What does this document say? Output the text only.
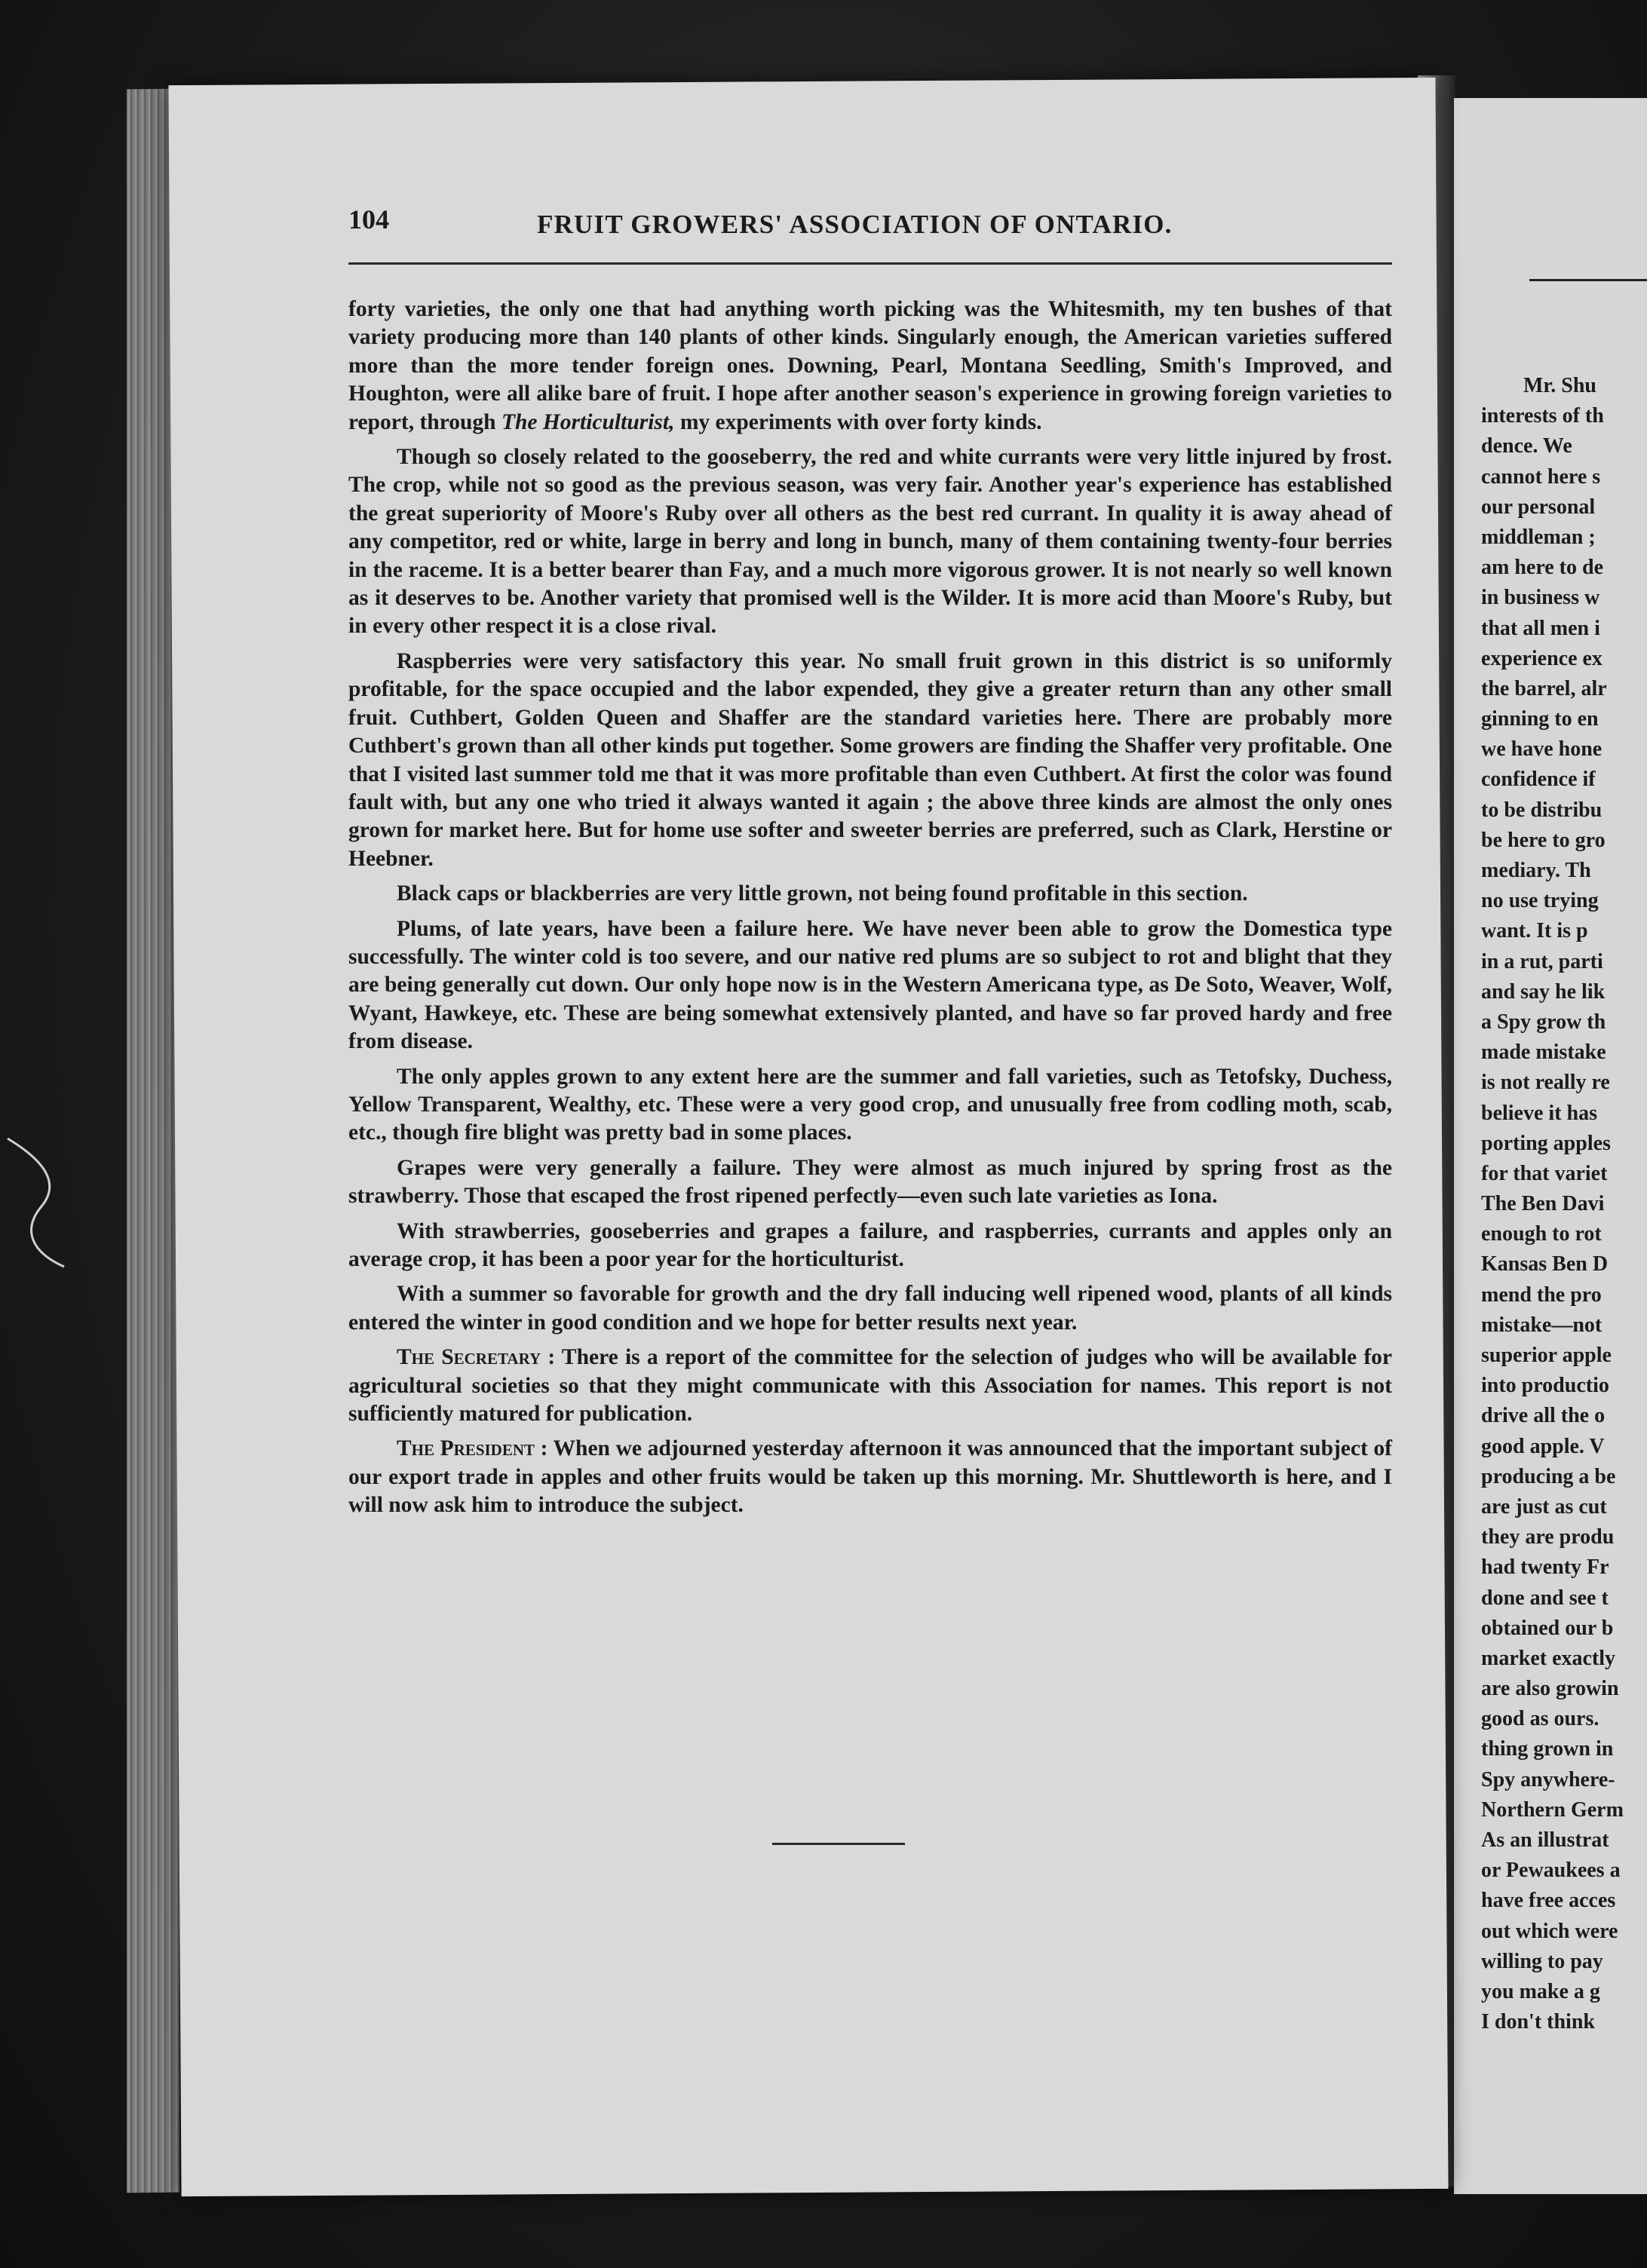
Mr. Shu
interests of th
dence. We
cannot here s
our personal
middleman ;
am here to de
in business w
that all men i
experience ex
the barrel, alr
ginning to en
we have hone
confidence if
to be distribu
be here to gro
mediary. Th
no use trying
want. It is p
in a rut, parti
and say he lik
a Spy grow th
made mistake
is not really re
believe it has
porting apples
for that variet
The Ben Davi
enough to rot
Kansas Ben D
mend the pro
mistake—not
superior apple
into productio
drive all the o
good apple. V
producing a be
are just as cut
they are produ
had twenty Fr
done and see t
obtained our b
market exactly
are also growin
good as ours.
thing grown in
Spy anywhere-
Northern Germ
As an illustrat
or Pewaukees a
have free acces
out which were
willing to pay
you make a g
I don't think
104	FRUIT GROWERS' ASSOCIATION OF ONTARIO.

forty varieties, the only one that had anything worth picking was the Whitesmith, my ten bushes of that variety producing more than 140 plants of other kinds. Singularly enough, the American varieties suffered more than the more tender foreign ones. Downing, Pearl, Montana Seedling, Smith's Improved, and Houghton, were all alike bare of fruit. I hope after another season's experience in growing foreign varieties to report, through The Horticulturist, my experiments with over forty kinds.

Though so closely related to the gooseberry, the red and white currants were very little injured by frost. The crop, while not so good as the previous season, was very fair. Another year's experience has established the great superiority of Moore's Ruby over all others as the best red currant. In quality it is away ahead of any competitor, red or white, large in berry and long in bunch, many of them containing twenty-four berries in the raceme. It is a better bearer than Fay, and a much more vigorous grower. It is not nearly so well known as it deserves to be. Another variety that promised well is the Wilder. It is more acid than Moore's Ruby, but in every other respect it is a close rival.

Raspberries were very satisfactory this year. No small fruit grown in this district is so uniformly profitable, for the space occupied and the labor expended, they give a greater return than any other small fruit. Cuthbert, Golden Queen and Shaffer are the standard varieties here. There are probably more Cuthbert's grown than all other kinds put together. Some growers are finding the Shaffer very profitable. One that I visited last summer told me that it was more profitable than even Cuthbert. At first the color was found fault with, but any one who tried it always wanted it again ; the above three kinds are almost the only ones grown for market here. But for home use softer and sweeter berries are preferred, such as Clark, Herstine or Heebner.

Black caps or blackberries are very little grown, not being found profitable in this section.

Plums, of late years, have been a failure here. We have never been able to grow the Domestica type successfully. The winter cold is too severe, and our native red plums are so subject to rot and blight that they are being generally cut down. Our only hope now is in the Western Americana type, as De Soto, Weaver, Wolf, Wyant, Hawkeye, etc. These are being somewhat extensively planted, and have so far proved hardy and free from disease.

The only apples grown to any extent here are the summer and fall varieties, such as Tetofsky, Duchess, Yellow Transparent, Wealthy, etc. These were a very good crop, and unusually free from codling moth, scab, etc., though fire blight was pretty bad in some places.

Grapes were very generally a failure. They were almost as much injured by spring frost as the strawberry. Those that escaped the frost ripened perfectly—even such late varieties as Iona.

With strawberries, gooseberries and grapes a failure, and raspberries, currants and apples only an average crop, it has been a poor year for the horticulturist.

With a summer so favorable for growth and the dry fall inducing well ripened wood, plants of all kinds entered the winter in good condition and we hope for better results next year.

The Secretary : There is a report of the committee for the selection of judges who will be available for agricultural societies so that they might communicate with this Association for names. This report is not sufficiently matured for publication.

The President : When we adjourned yesterday afternoon it was announced that the important subject of our export trade in apples and other fruits would be taken up this morning. Mr. Shuttleworth is here, and I will now ask him to introduce the subject.
